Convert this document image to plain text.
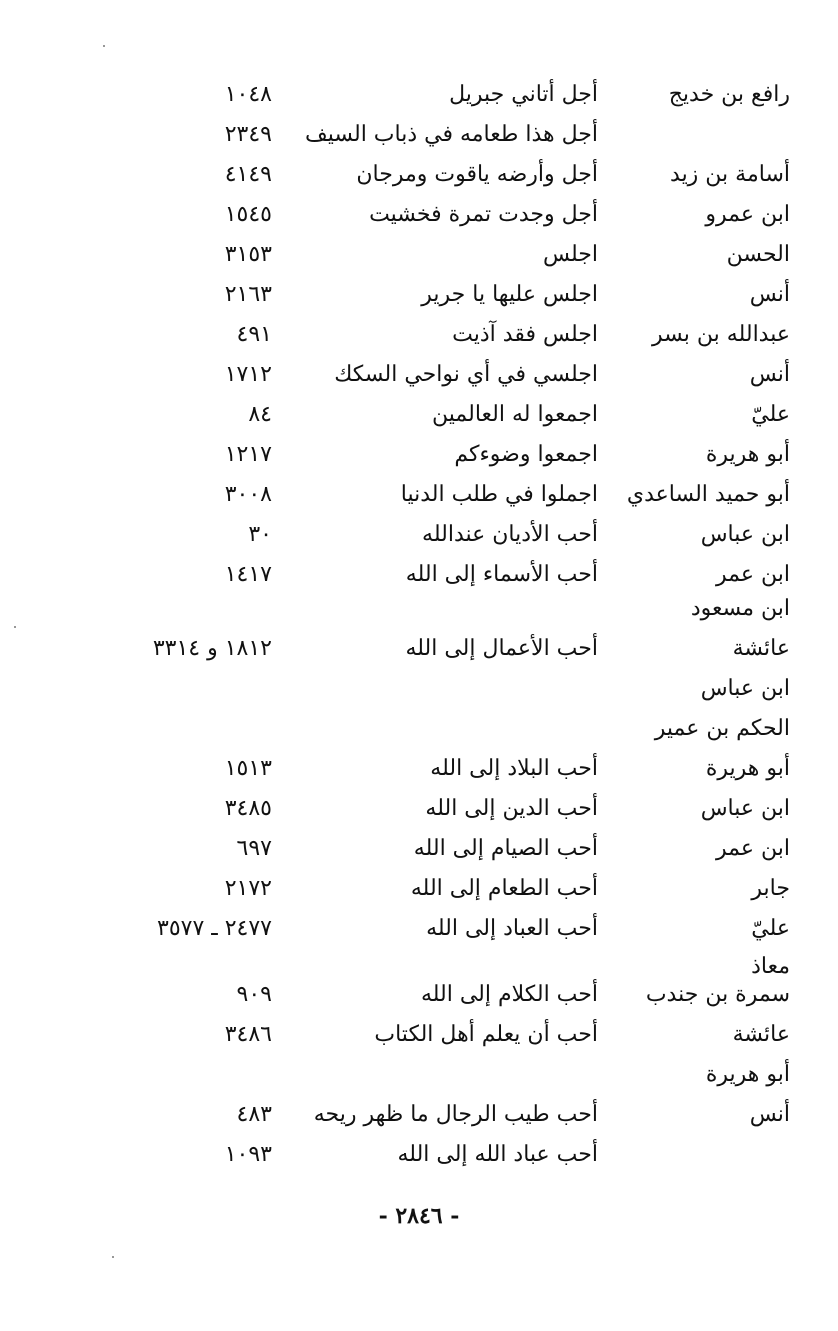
رافع بن خديج
أجل أتاني جبريل
١٠٤٨
أجل هذا طعامه في ذباب السيف
٢٣٤٩
أسامة بن زيد
أجل وأرضه ياقوت ومرجان
٤١٤٩
ابن عمرو
أجل وجدت تمرة فخشيت
١٥٤٥
الحسن
اجلس
٣١٥٣
أنس
اجلس عليها يا جرير
٢١٦٣
عبدالله بن بسر
اجلس فقد آذيت
٤٩١
أنس
اجلسي في أي نواحي السكك
١٧١٢
عليّ
اجمعوا له العالمين
٨٤
أبو هريرة
اجمعوا وضوءكم
١٢١٧
أبو حميد الساعدي
اجملوا في طلب الدنيا
٣٠٠٨
ابن عباس
أحب الأديان عندالله
٣٠
ابن عمر
أحب الأسماء إلى الله
١٤١٧
ابن مسعود
عائشة
أحب الأعمال إلى الله
١٨١٢ و ٣٣١٤
ابن عباس
الحكم بن عمير
أبو هريرة
أحب البلاد إلى الله
١٥١٣
ابن عباس
أحب الدين إلى الله
٣٤٨٥
ابن عمر
أحب الصيام إلى الله
٦٩٧
جابر
أحب الطعام إلى الله
٢١٧٢
عليّ
أحب العباد إلى الله
٢٤٧٧ ـ ٣٥٧٧
معاذ
سمرة بن جندب
أحب الكلام إلى الله
٩٠٩
عائشة
أحب أن يعلم أهل الكتاب
٣٤٨٦
أبو هريرة
أنس
أحب طيب الرجال ما ظهر ريحه
٤٨٣
أحب عباد الله إلى الله
١٠٩٣
- ٢٨٤٦ -
